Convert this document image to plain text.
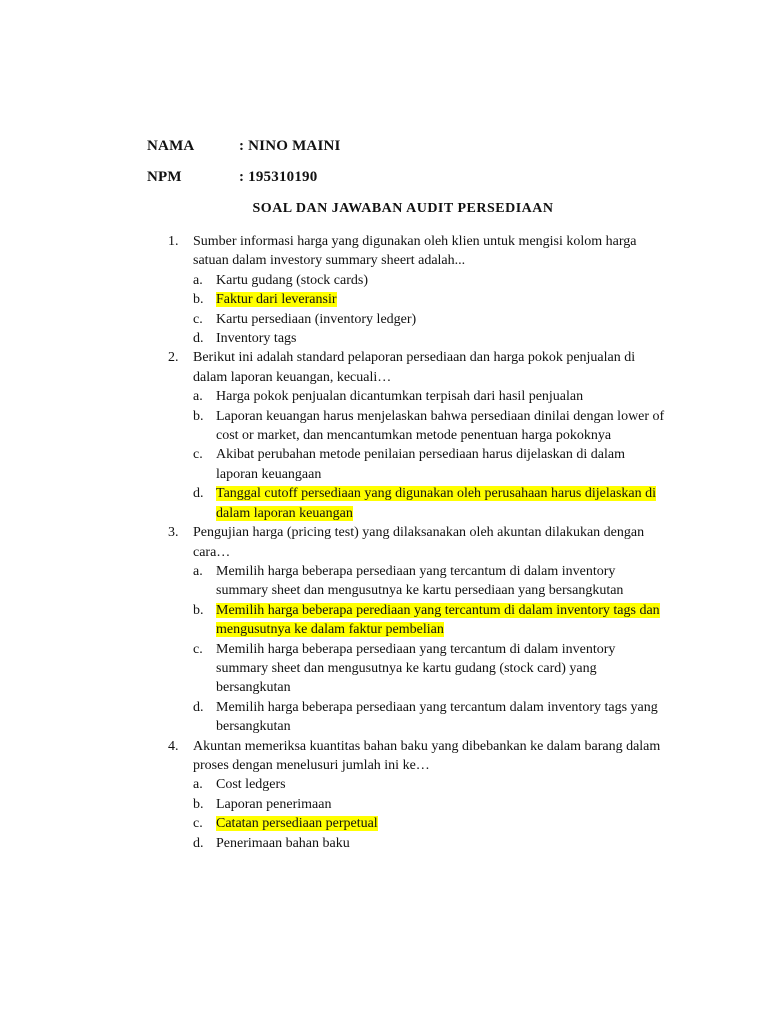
NAMA	: NINO MAINI
NPM	: 195310190
SOAL DAN JAWABAN AUDIT PERSEDIAAN
1. Sumber informasi harga yang digunakan oleh klien untuk mengisi kolom harga satuan dalam investory summary sheert adalah...
a. Kartu gudang (stock cards)
b. Faktur dari leveransir
c. Kartu persediaan (inventory ledger)
d. Inventory tags
2. Berikut ini adalah standard pelaporan persediaan dan harga pokok penjualan di dalam laporan keuangan, kecuali…
a. Harga pokok penjualan dicantumkan terpisah dari hasil penjualan
b. Laporan keuangan harus menjelaskan bahwa persediaan dinilai dengan lower of cost or market, dan mencantumkan metode penentuan harga pokoknya
c. Akibat perubahan metode penilaian persediaan harus dijelaskan di dalam laporan keuangaan
d. Tanggal cutoff persediaan yang digunakan oleh perusahaan harus dijelaskan di dalam laporan keuangan
3. Pengujian harga (pricing test) yang dilaksanakan oleh akuntan dilakukan dengan cara…
a. Memilih harga beberapa persediaan yang tercantum di dalam inventory summary sheet dan mengusutnya ke kartu persediaan yang bersangkutan
b. Memilih harga beberapa perediaan yang tercantum di dalam inventory tags dan mengusutnya ke dalam faktur pembelian
c. Memilih harga beberapa persediaan yang tercantum di dalam inventory summary sheet dan mengusutnya ke kartu gudang (stock card) yang bersangkutan
d. Memilih harga beberapa persediaan yang tercantum dalam inventory tags yang bersangkutan
4. Akuntan memeriksa kuantitas bahan baku yang dibebankan ke dalam barang dalam proses dengan menelusuri jumlah ini ke…
a. Cost ledgers
b. Laporan penerimaan
c. Catatan persediaan perpetual
d. Penerimaan bahan baku
